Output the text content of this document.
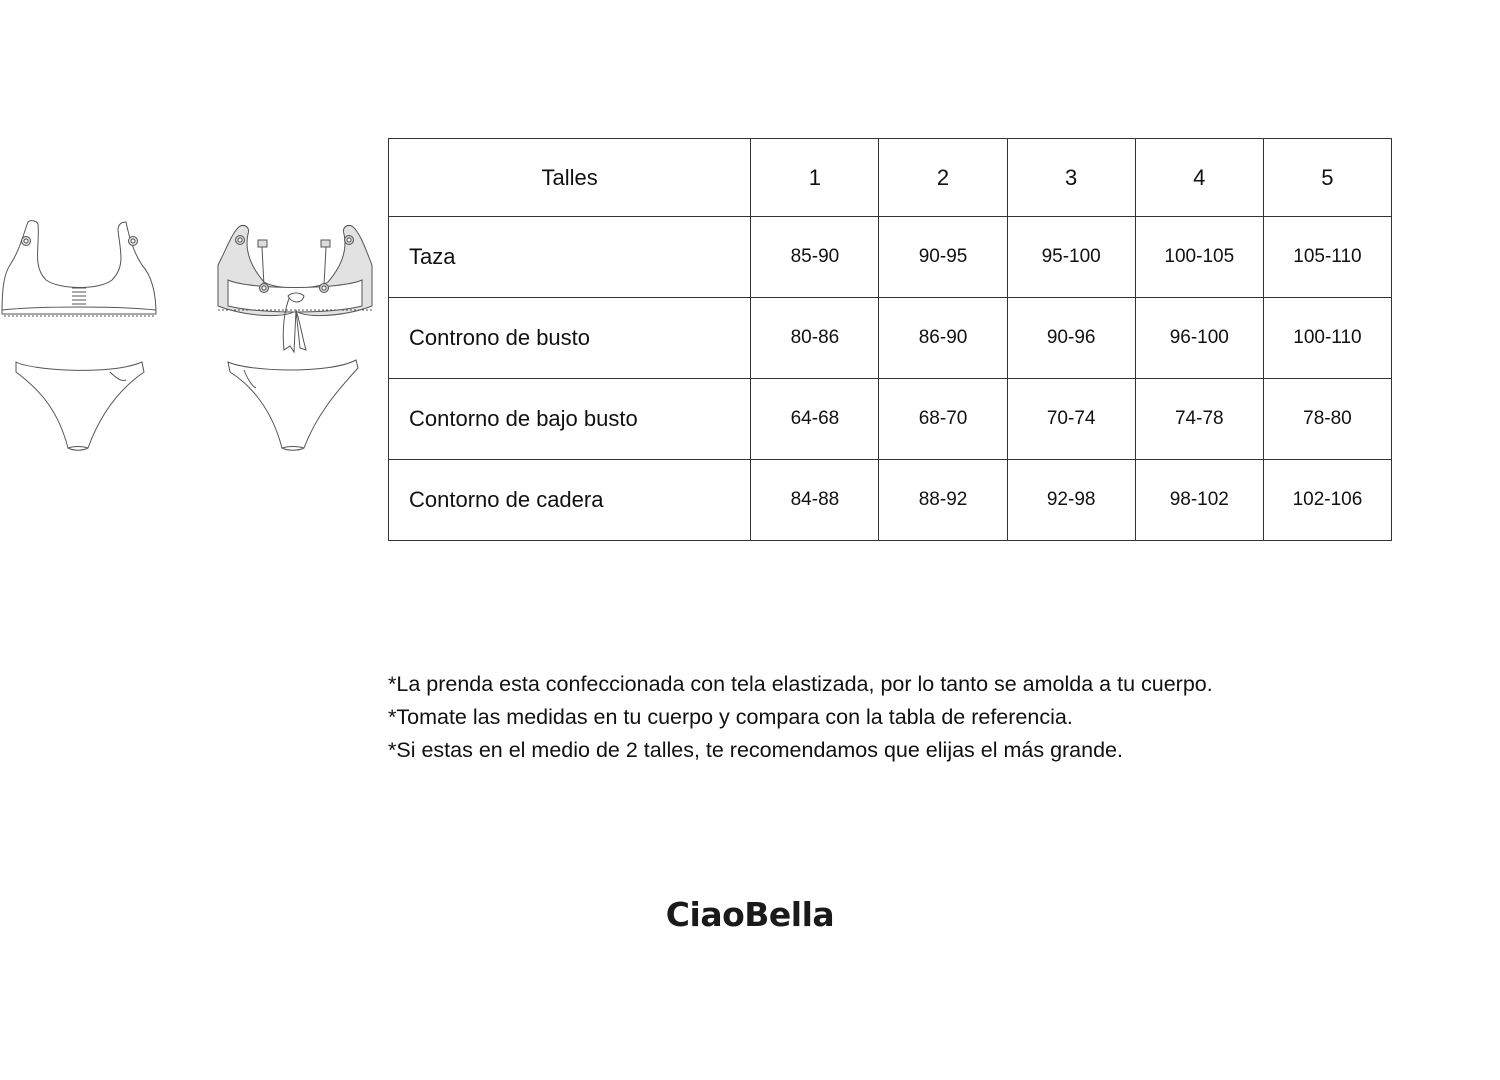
Talles	1	2	3	4	5
Taza	85-90	90-95	95-100	100-105	105-110
Controno de busto	80-86	86-90	90-96	96-100	100-110
Contorno de bajo busto	64-68	68-70	70-74	74-78	78-80
Contorno de cadera	84-88	88-92	92-98	98-102	102-106

*La prenda esta confeccionada con tela elastizada, por lo tanto se amolda a tu cuerpo.

*Tomate las medidas en tu cuerpo y compara con la tabla de referencia.

*Si estas en el medio de 2 talles, te recomendamos que elijas el más grande.

CiaoBella
